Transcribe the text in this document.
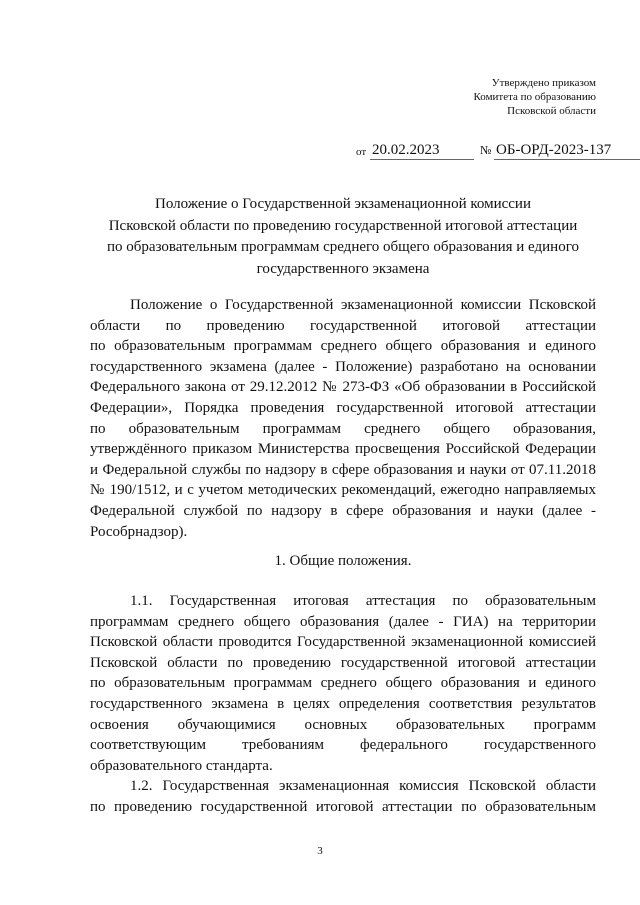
Утверждено приказом
Комитета по образованию
Псковской области
от 20.02.2023	№ ОБ-ОРД-2023-137
Положение о Государственной экзаменационной комиссии
Псковской области по проведению государственной итоговой аттестации
по образовательным программам среднего общего образования и единого
государственного экзамена
Положение о Государственной экзаменационной комиссии Псковской
области по проведению государственной итоговой аттестации
по образовательным программам среднего общего образования и единого
государственного экзамена (далее - Положение) разработано на основании
Федерального закона от 29.12.2012 № 273-ФЗ «Об образовании в Российской
Федерации», Порядка проведения государственной итоговой аттестации
по образовательным программам среднего общего образования,
утверждённого приказом Министерства просвещения Российской Федерации
и Федеральной службы по надзору в сфере образования и науки от 07.11.2018
№ 190/1512, и с учетом методических рекомендаций, ежегодно направляемых
Федеральной службой по надзору в сфере образования и науки (далее -
Рособрнадзор).
1. Общие положения.
1.1. Государственная итоговая аттестация по образовательным
программам среднего общего образования (далее - ГИА) на территории
Псковской области проводится Государственной экзаменационной комиссией
Псковской области по проведению государственной итоговой аттестации
по образовательным программам среднего общего образования и единого
государственного экзамена в целях определения соответствия результатов
освоения обучающимися основных образовательных программ
соответствующим требованиям федерального государственного
образовательного стандарта.
1.2. Государственная экзаменационная комиссия Псковской области
по проведению государственной итоговой аттестации по образовательным
3
